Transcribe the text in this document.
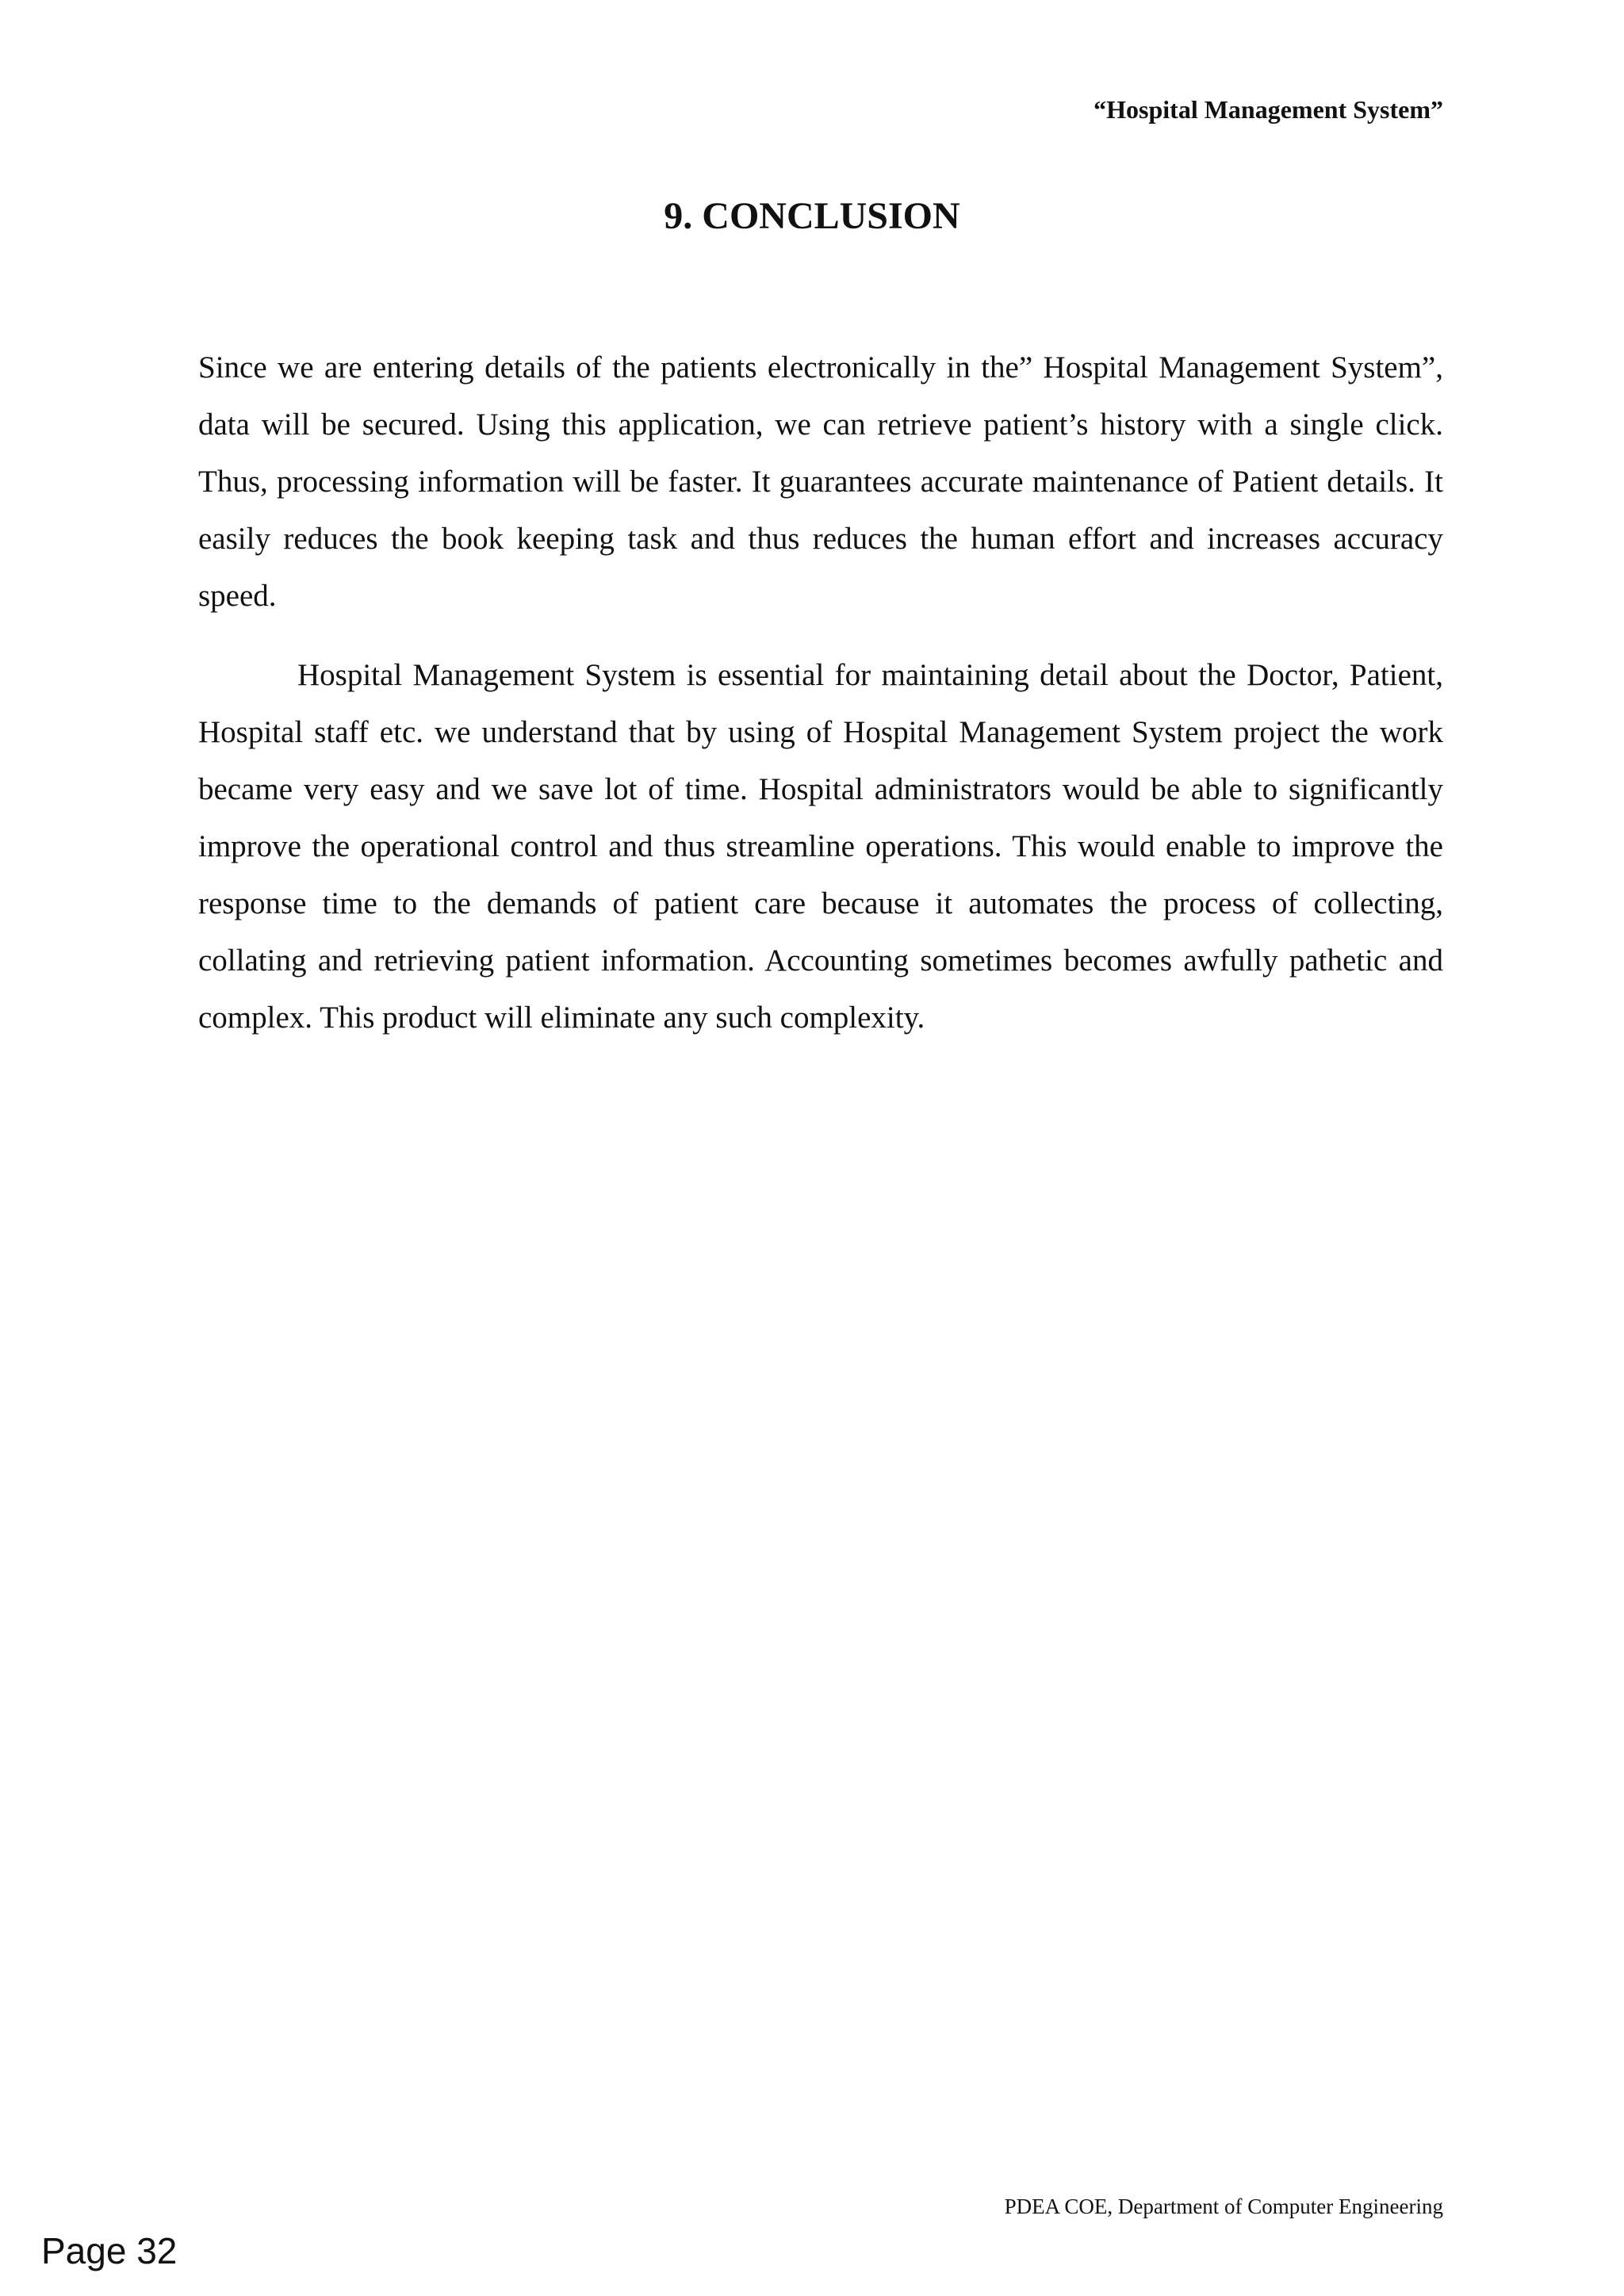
“Hospital Management System”

9. CONCLUSION

Since we are entering details of the patients electronically in the” Hospital Management System”, data will be secured. Using this application, we can retrieve patient’s history with a single click. Thus, processing information will be faster. It guarantees accurate maintenance of Patient details. It easily reduces the book keeping task and thus reduces the human effort and increases accuracy speed.

Hospital Management System is essential for maintaining detail about the Doctor, Patient, Hospital staff etc. we understand that by using of Hospital Management System project the work became very easy and we save lot of time. Hospital administrators would be able to significantly improve the operational control and thus streamline operations. This would enable to improve the response time to the demands of patient care because it automates the process of collecting, collating and retrieving patient information. Accounting sometimes becomes awfully pathetic and complex. This product will eliminate any such complexity.

PDEA COE, Department of Computer Engineering

Page 32
